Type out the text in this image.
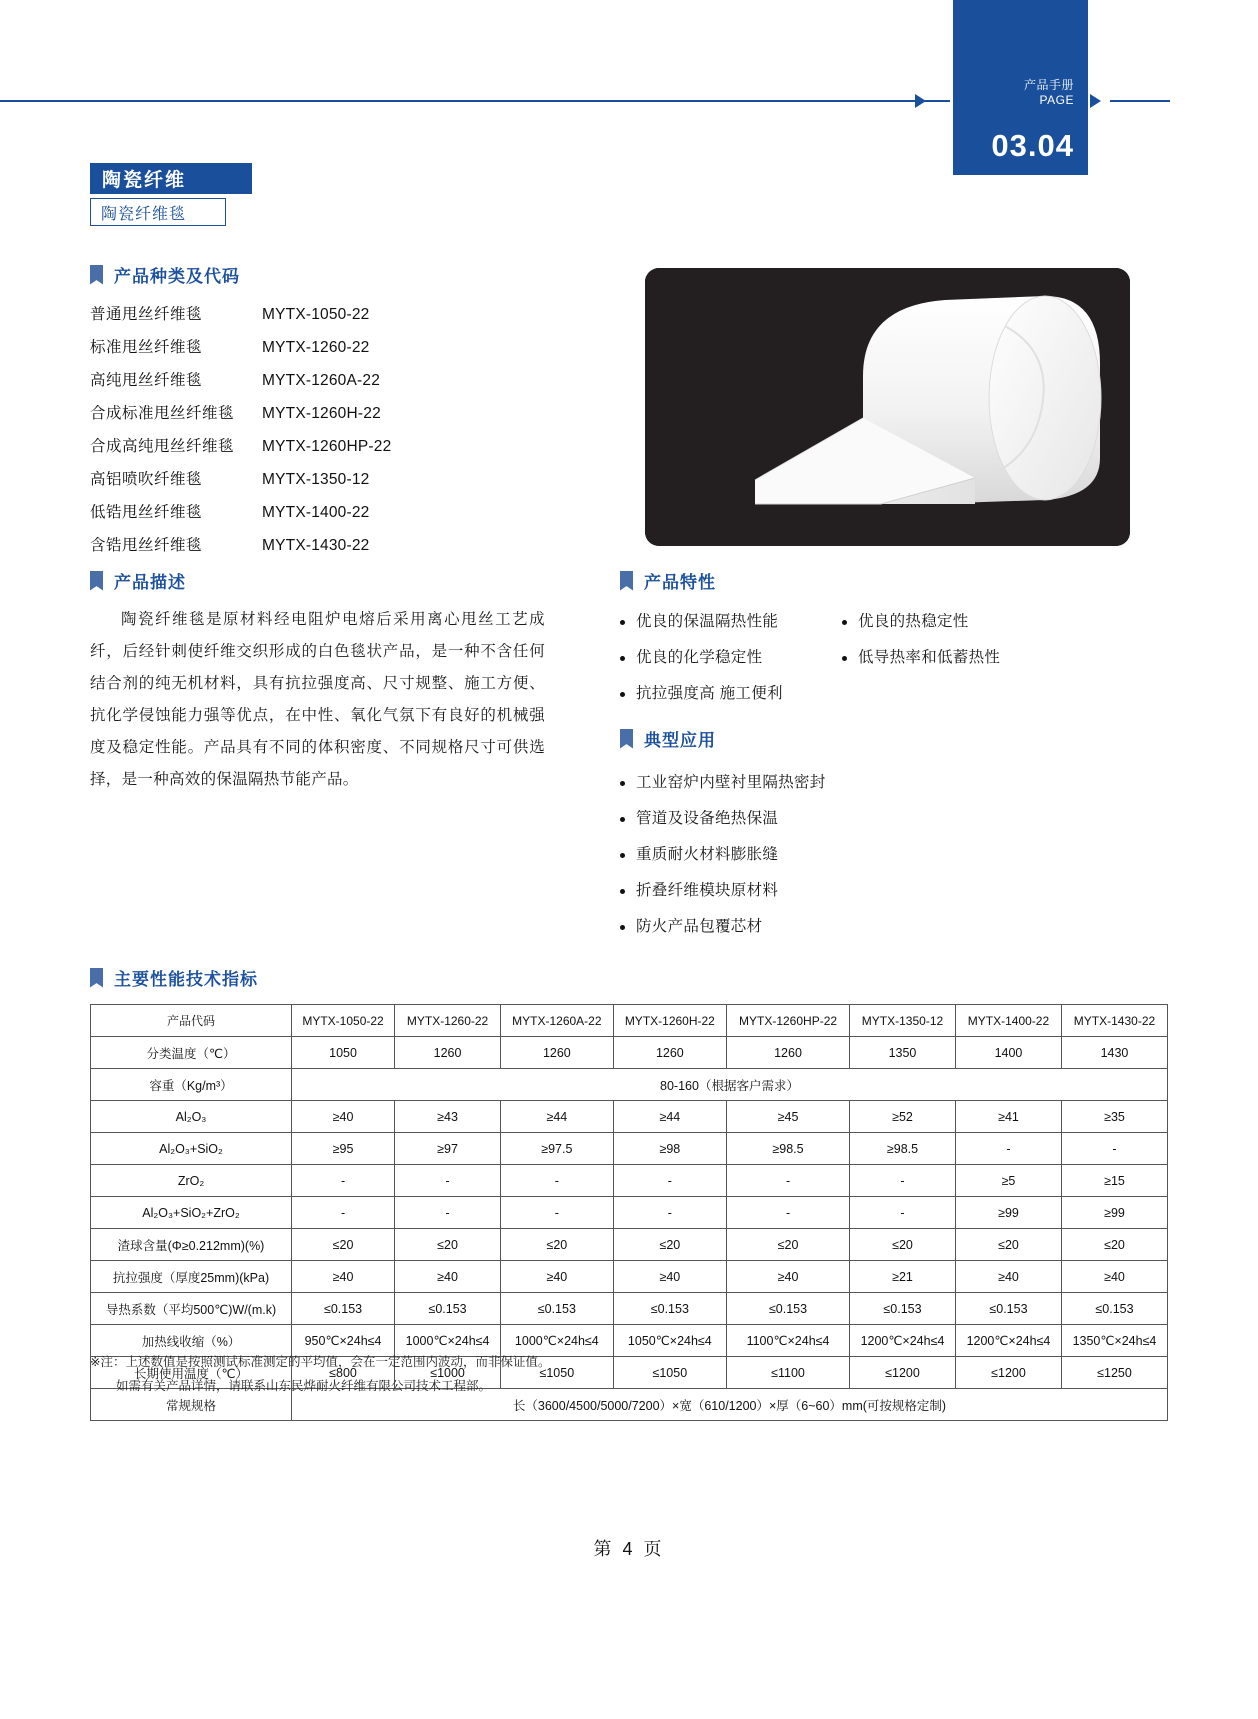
产品手册
PAGE
03.04
陶瓷纤维
陶瓷纤维毯
产品种类及代码
普通甩丝纤维毯	MYTX-1050-22
标准甩丝纤维毯	MYTX-1260-22
高纯甩丝纤维毯	MYTX-1260A-22
合成标准甩丝纤维毯	MYTX-1260H-22
合成高纯甩丝纤维毯	MYTX-1260HP-22
高铝喷吹纤维毯	MYTX-1350-12
低锆甩丝纤维毯	MYTX-1400-22
含锆甩丝纤维毯	MYTX-1430-22
产品描述

陶瓷纤维毯是原材料经电阻炉电熔后采用离心甩丝工艺成纤，后经针刺使纤维交织形成的白色毯状产品，是一种不含任何结合剂的纯无机材料，具有抗拉强度高、尺寸规整、施工方便、抗化学侵蚀能力强等优点，在中性、氧化气氛下有良好的机械强度及稳定性能。产品具有不同的体积密度、不同规格尺寸可供选择，是一种高效的保温隔热节能产品。

产品特性
优良的保温隔热性能
优良的化学稳定性
抗拉强度高 施工便利
优良的热稳定性
低导热率和低蓄热性
典型应用
工业窑炉内壁衬里隔热密封
管道及设备绝热保温
重质耐火材料膨胀缝
折叠纤维模块原材料
防火产品包覆芯材
主要性能技术指标
产品代码	MYTX-1050-22	MYTX-1260-22	MYTX-1260A-22	MYTX-1260H-22	MYTX-1260HP-22	MYTX-1350-12	MYTX-1400-22	MYTX-1430-22
分类温度（℃）	1050	1260	1260	1260	1260	1350	1400	1430
容重（Kg/m³）	80-160（根据客户需求）							
Al₂O₃	≥40	≥43	≥44	≥44	≥45	≥52	≥41	≥35
Al₂O₃+SiO₂	≥95	≥97	≥97.5	≥98	≥98.5	≥98.5	-	-
ZrO₂	-	-	-	-	-	-	≥5	≥15
Al₂O₃+SiO₂+ZrO₂	-	-	-	-	-	-	≥99	≥99
渣球含量(Φ≥0.212mm)(%)	≤20	≤20	≤20	≤20	≤20	≤20	≤20	≤20
抗拉强度（厚度25mm)(kPa)	≥40	≥40	≥40	≥40	≥40	≥21	≥40	≥40
导热系数（平均500℃)W/(m.k)	≤0.153	≤0.153	≤0.153	≤0.153	≤0.153	≤0.153	≤0.153	≤0.153
加热线收缩（%）	950℃×24h≤4	1000℃×24h≤4	1000℃×24h≤4	1050℃×24h≤4	1100℃×24h≤4	1200℃×24h≤4	1200℃×24h≤4	1350℃×24h≤4
长期使用温度（℃）	≤800	≤1000	≤1050	≤1050	≤1100	≤1200	≤1200	≤1250
常规规格	长（3600/4500/5000/7200）×宽（610/1200）×厚（6~60）mm(可按规格定制)							
※注：上述数值是按照测试标准测定的平均值，会在一定范围内波动，而非保证值。
如需有关产品详情，请联系山东民烨耐火纤维有限公司技术工程部。
第 4 页
